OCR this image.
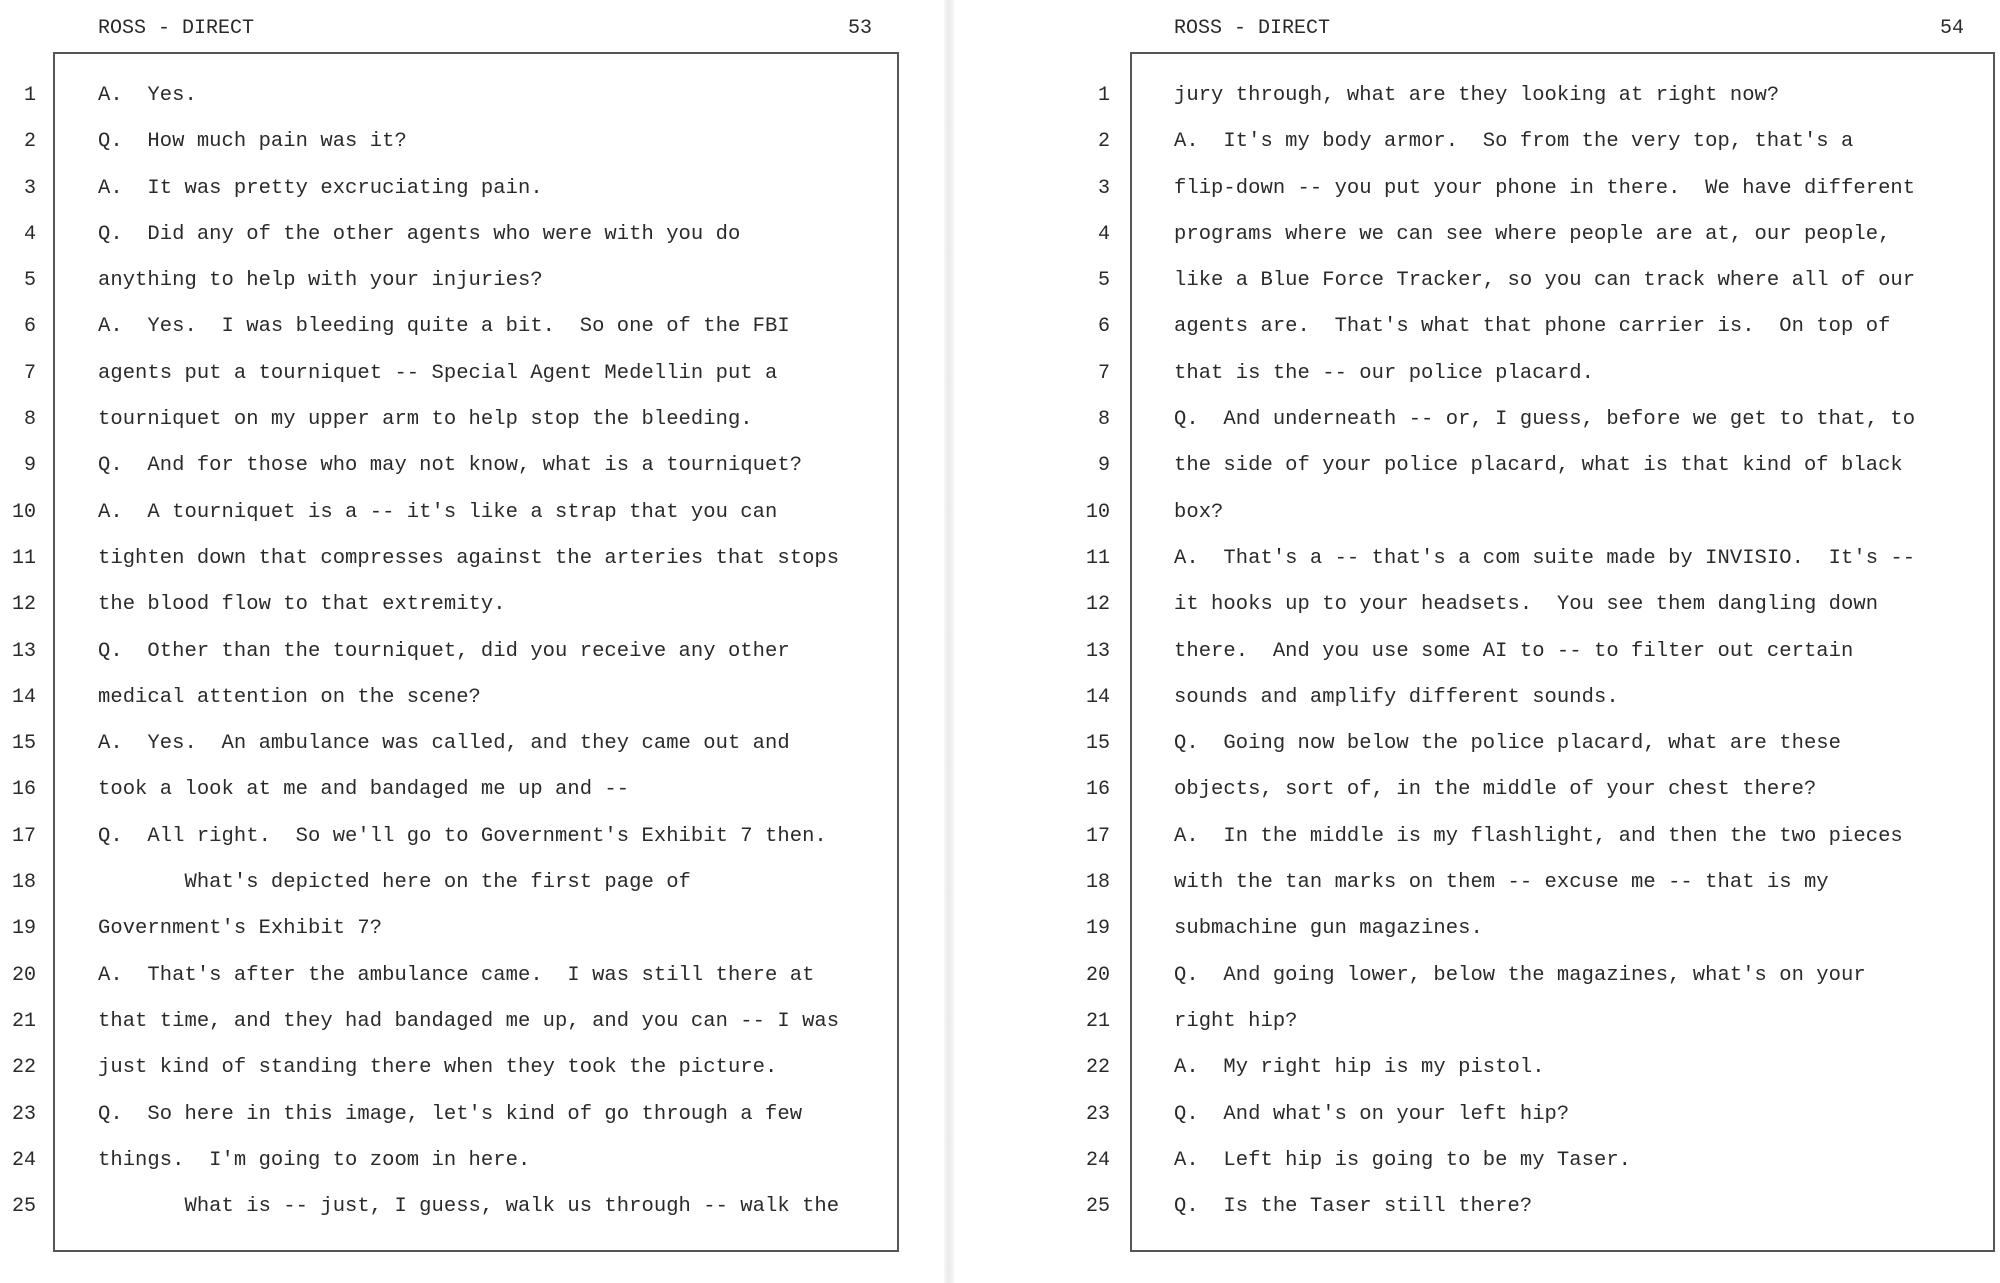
ROSS - DIRECT	53
1
2
3
4
5
6
7
8
9
10
11
12
13
14
15
16
17
18
19
20
21
22
23
24
25
A.  Yes.
Q.  How much pain was it?
A.  It was pretty excruciating pain.
Q.  Did any of the other agents who were with you do
anything to help with your injuries?
A.  Yes.  I was bleeding quite a bit.  So one of the FBI
agents put a tourniquet -- Special Agent Medellin put a
tourniquet on my upper arm to help stop the bleeding.
Q.  And for those who may not know, what is a tourniquet?
A.  A tourniquet is a -- it's like a strap that you can
tighten down that compresses against the arteries that stops
the blood flow to that extremity.
Q.  Other than the tourniquet, did you receive any other
medical attention on the scene?
A.  Yes.  An ambulance was called, and they came out and
took a look at me and bandaged me up and --
Q.  All right.  So we'll go to Government's Exhibit 7 then.
What's depicted here on the first page of
Government's Exhibit 7?
A.  That's after the ambulance came.  I was still there at
that time, and they had bandaged me up, and you can -- I was
just kind of standing there when they took the picture.
Q.  So here in this image, let's kind of go through a few
things.  I'm going to zoom in here.
What is -- just, I guess, walk us through -- walk the
ROSS - DIRECT	54
1
2
3
4
5
6
7
8
9
10
11
12
13
14
15
16
17
18
19
20
21
22
23
24
25
jury through, what are they looking at right now?
A.  It's my body armor.  So from the very top, that's a
flip-down -- you put your phone in there.  We have different
programs where we can see where people are at, our people,
like a Blue Force Tracker, so you can track where all of our
agents are.  That's what that phone carrier is.  On top of
that is the -- our police placard.
Q.  And underneath -- or, I guess, before we get to that, to
the side of your police placard, what is that kind of black
box?
A.  That's a -- that's a com suite made by INVISIO.  It's --
it hooks up to your headsets.  You see them dangling down
there.  And you use some AI to -- to filter out certain
sounds and amplify different sounds.
Q.  Going now below the police placard, what are these
objects, sort of, in the middle of your chest there?
A.  In the middle is my flashlight, and then the two pieces
with the tan marks on them -- excuse me -- that is my
submachine gun magazines.
Q.  And going lower, below the magazines, what's on your
right hip?
A.  My right hip is my pistol.
Q.  And what's on your left hip?
A.  Left hip is going to be my Taser.
Q.  Is the Taser still there?
